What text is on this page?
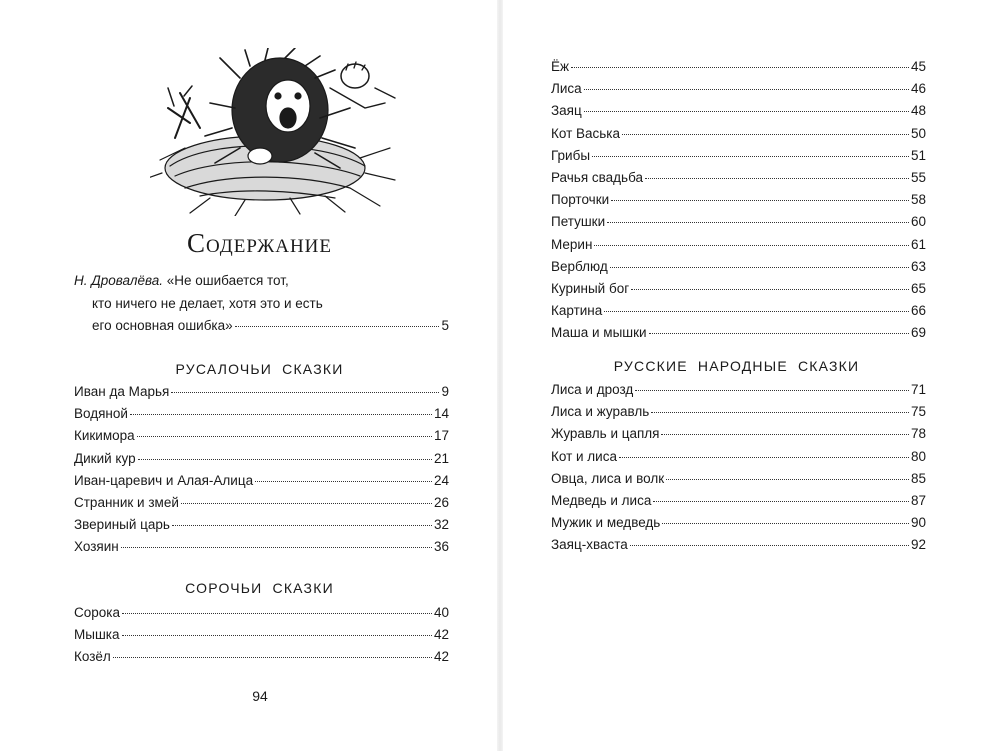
Содержание
Н. Дровалёва. «Не ошибается тот,
кто ничего не делает, хотя это и есть
его основная ошибка»	5
РУСАЛОЧЬИ СКАЗКИ
Иван да Марья	9
Водяной	14
Кикимора	17
Дикий кур	21
Иван-царевич и Алая-Алица	24
Странник и змей	26
Звериный царь	32
Хозяин	36
СОРОЧЬИ СКАЗКИ
Сорока	40
Мышка	42
Козёл	42
94
Ёж	45
Лиса	46
Заяц	48
Кот Васька	50
Грибы	51
Рачья свадьба	55
Порточки	58
Петушки	60
Мерин	61
Верблюд	63
Куриный бог	65
Картина	66
Маша и мышки	69
РУССКИЕ НАРОДНЫЕ СКАЗКИ
Лиса и дрозд	71
Лиса и журавль	75
Журавль и цапля	78
Кот и лиса	80
Овца, лиса и волк	85
Медведь и лиса	87
Мужик и медведь	90
Заяц-хваста	92
